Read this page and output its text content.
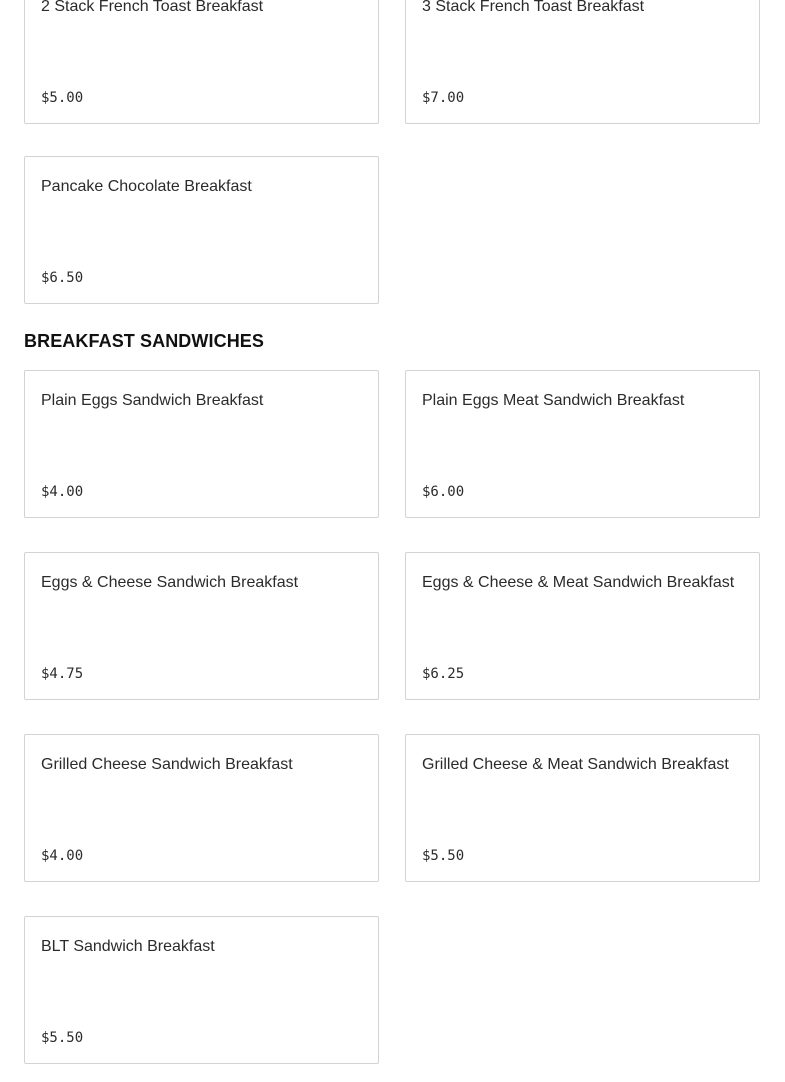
2 Stack French Toast Breakfast
$5.00
3 Stack French Toast Breakfast
$7.00
Pancake Chocolate Breakfast
$6.50
BREAKFAST SANDWICHES
Plain Eggs Sandwich Breakfast
$4.00
Plain Eggs Meat Sandwich Breakfast
$6.00
Eggs & Cheese Sandwich Breakfast
$4.75
Eggs & Cheese & Meat Sandwich Breakfast
$6.25
Grilled Cheese Sandwich Breakfast
$4.00
Grilled Cheese & Meat Sandwich Breakfast
$5.50
BLT Sandwich Breakfast
$5.50
